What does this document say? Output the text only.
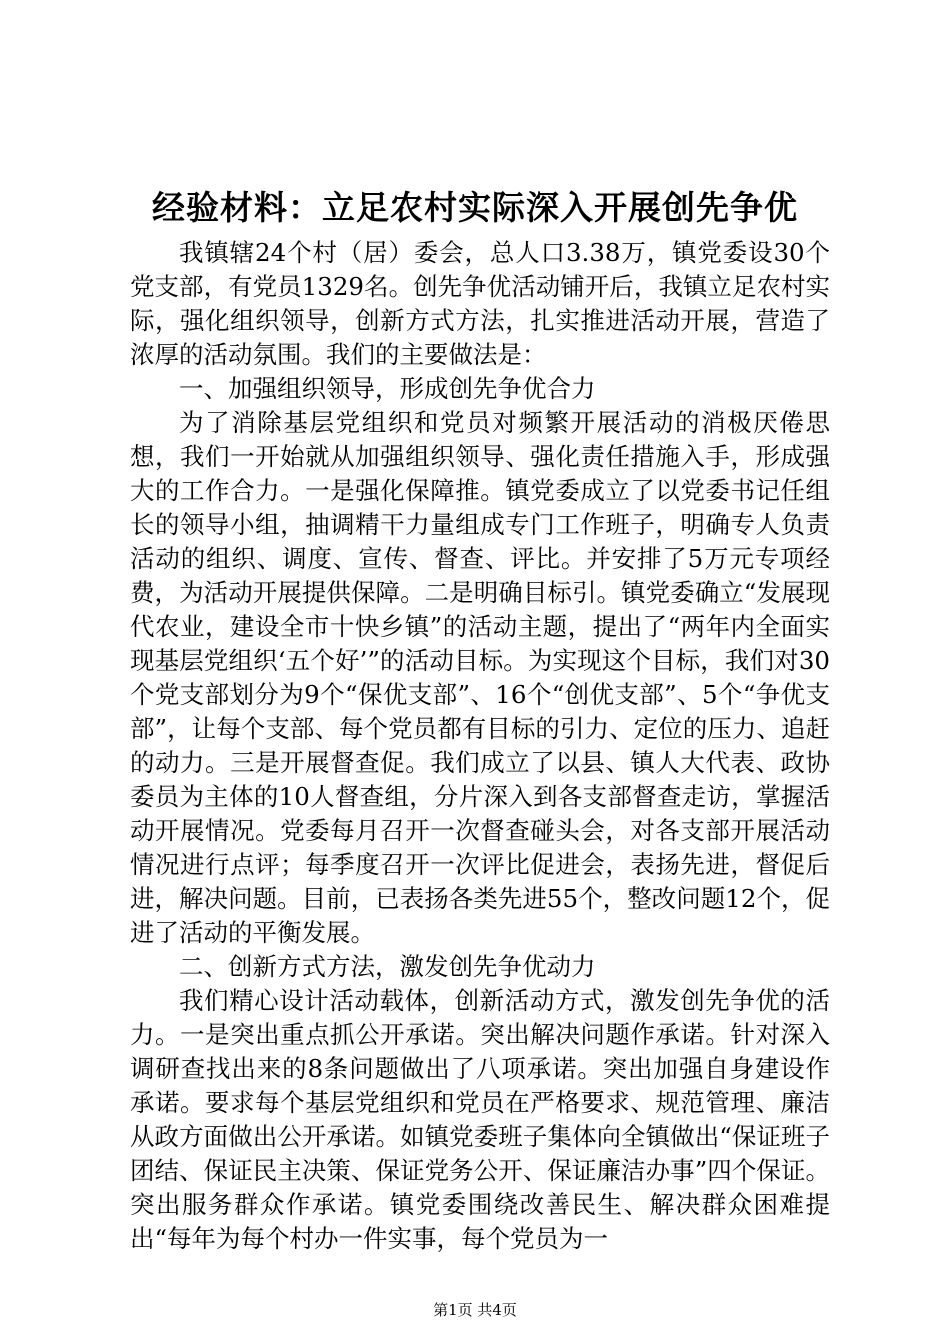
经验材料：立足农村实际深入开展创先争优

我镇辖24个村（居）委会，总人口3.38万，镇党委设30个党支部，有党员1329名。创先争优活动铺开后，我镇立足农村实际，强化组织领导，创新方式方法，扎实推进活动开展，营造了浓厚的活动氛围。我们的主要做法是：

一、加强组织领导，形成创先争优合力

为了消除基层党组织和党员对频繁开展活动的消极厌倦思想，我们一开始就从加强组织领导、强化责任措施入手，形成强大的工作合力。一是强化保障推。镇党委成立了以党委书记任组长的领导小组，抽调精干力量组成专门工作班子，明确专人负责活动的组织、调度、宣传、督查、评比。并安排了5万元专项经费，为活动开展提供保障。二是明确目标引。镇党委确立“发展现代农业，建设全市十快乡镇”的活动主题，提出了“两年内全面实现基层党组织‘五个好’”的活动目标。为实现这个目标，我们对30个党支部划分为9个“保优支部”、16个“创优支部”、5个“争优支部”，让每个支部、每个党员都有目标的引力、定位的压力、追赶的动力。三是开展督查促。我们成立了以县、镇人大代表、政协委员为主体的10人督查组，分片深入到各支部督查走访，掌握活动开展情况。党委每月召开一次督查碰头会，对各支部开展活动情况进行点评；每季度召开一次评比促进会，表扬先进，督促后进，解决问题。目前，已表扬各类先进55个，整改问题12个，促进了活动的平衡发展。

二、创新方式方法，激发创先争优动力

我们精心设计活动载体，创新活动方式，激发创先争优的活力。一是突出重点抓公开承诺。突出解决问题作承诺。针对深入调研查找出来的8条问题做出了八项承诺。突出加强自身建设作承诺。要求每个基层党组织和党员在严格要求、规范管理、廉洁从政方面做出公开承诺。如镇党委班子集体向全镇做出“保证班子团结、保证民主决策、保证党务公开、保证廉洁办事”四个保证。突出服务群众作承诺。镇党委围绕改善民生、解决群众困难提出“每年为每个村办一件实事，每个党员为一

第1页 共4页
